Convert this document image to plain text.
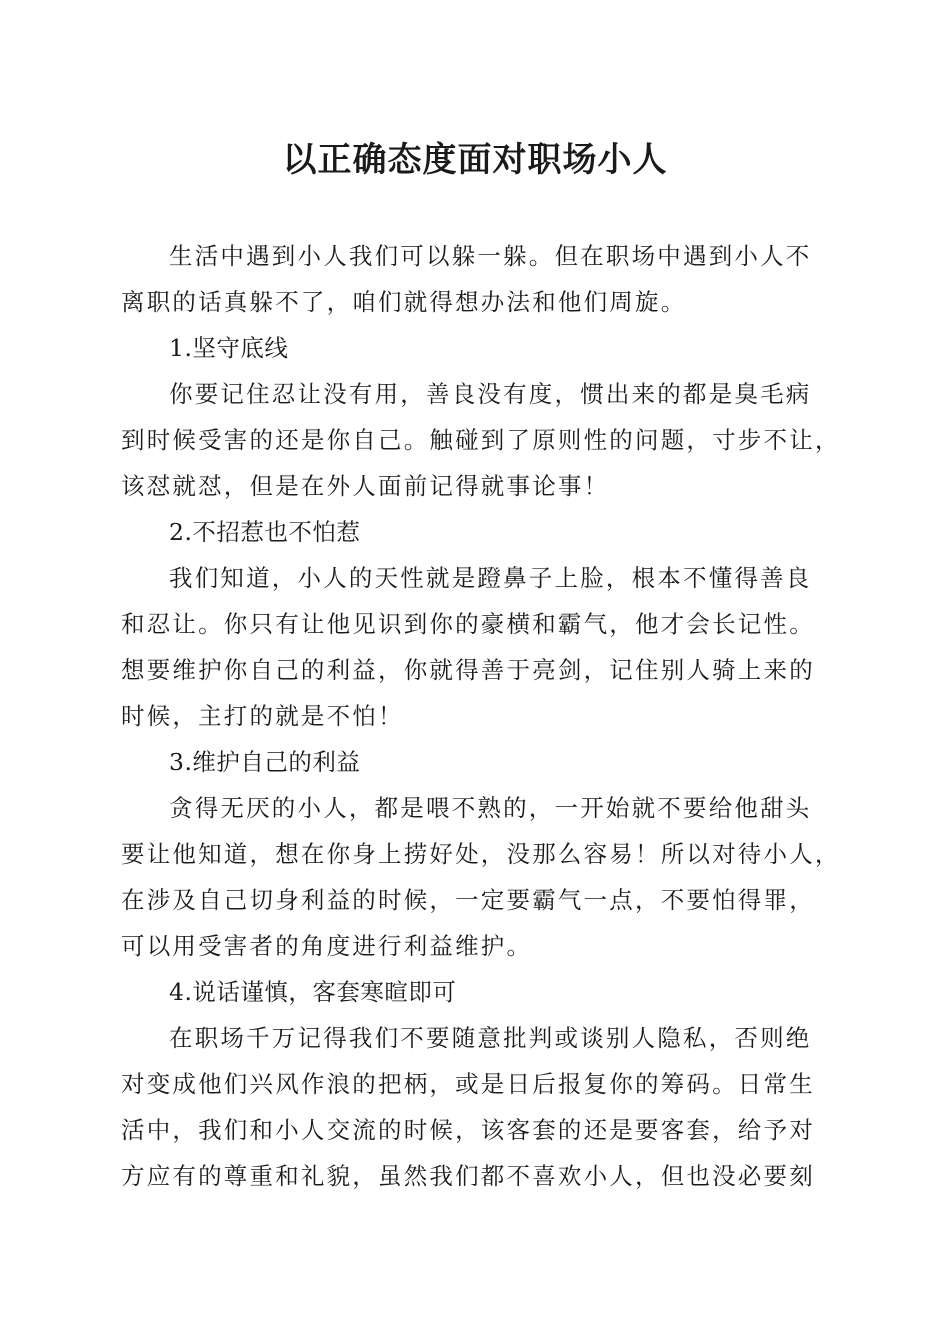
以正确态度面对职场小人
生活中遇到小人我们可以躲一躲。但在职场中遇到小人不
离职的话真躲不了，咱们就得想办法和他们周旋。
1.坚守底线
你要记住忍让没有用，善良没有度，惯出来的都是臭毛病
到时候受害的还是你自己。触碰到了原则性的问题，寸步不让，
该怼就怼，但是在外人面前记得就事论事！
2.不招惹也不怕惹
我们知道，小人的天性就是蹬鼻子上脸，根本不懂得善良
和忍让。你只有让他见识到你的豪横和霸气，他才会长记性。
想要维护你自己的利益，你就得善于亮剑，记住别人骑上来的
时候，主打的就是不怕！
3.维护自己的利益
贪得无厌的小人，都是喂不熟的，一开始就不要给他甜头
要让他知道，想在你身上捞好处，没那么容易！所以对待小人，
在涉及自己切身利益的时候，一定要霸气一点，不要怕得罪，
可以用受害者的角度进行利益维护。
4.说话谨慎，客套寒暄即可
在职场千万记得我们不要随意批判或谈别人隐私，否则绝
对变成他们兴风作浪的把柄，或是日后报复你的筹码。日常生
活中，我们和小人交流的时候，该客套的还是要客套，给予对
方应有的尊重和礼貌，虽然我们都不喜欢小人，但也没必要刻
